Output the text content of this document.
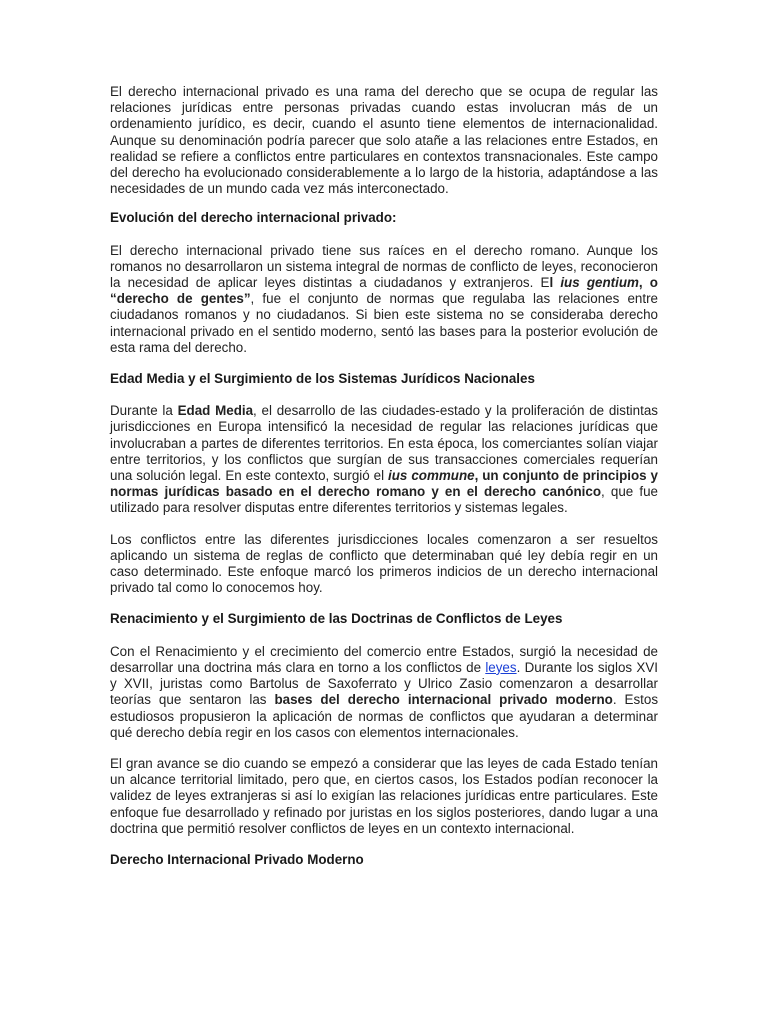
El derecho internacional privado es una rama del derecho que se ocupa de regular las relaciones jurídicas entre personas privadas cuando estas involucran más de un ordenamiento jurídico, es decir, cuando el asunto tiene elementos de internacionalidad. Aunque su denominación podría parecer que solo atañe a las relaciones entre Estados, en realidad se refiere a conflictos entre particulares en contextos transnacionales. Este campo del derecho ha evolucionado considerablemente a lo largo de la historia, adaptándose a las necesidades de un mundo cada vez más interconectado.

Evolución del derecho internacional privado:

El derecho internacional privado tiene sus raíces en el derecho romano. Aunque los romanos no desarrollaron un sistema integral de normas de conflicto de leyes, reconocieron la necesidad de aplicar leyes distintas a ciudadanos y extranjeros. El ius gentium, o “derecho de gentes”, fue el conjunto de normas que regulaba las relaciones entre ciudadanos romanos y no ciudadanos. Si bien este sistema no se consideraba derecho internacional privado en el sentido moderno, sentó las bases para la posterior evolución de esta rama del derecho.

Edad Media y el Surgimiento de los Sistemas Jurídicos Nacionales

Durante la Edad Media, el desarrollo de las ciudades-estado y la proliferación de distintas jurisdicciones en Europa intensificó la necesidad de regular las relaciones jurídicas que involucraban a partes de diferentes territorios. En esta época, los comerciantes solían viajar entre territorios, y los conflictos que surgían de sus transacciones comerciales requerían una solución legal. En este contexto, surgió el ius commune, un conjunto de principios y normas jurídicas basado en el derecho romano y en el derecho canónico, que fue utilizado para resolver disputas entre diferentes territorios y sistemas legales.

Los conflictos entre las diferentes jurisdicciones locales comenzaron a ser resueltos aplicando un sistema de reglas de conflicto que determinaban qué ley debía regir en un caso determinado. Este enfoque marcó los primeros indicios de un derecho internacional privado tal como lo conocemos hoy.

Renacimiento y el Surgimiento de las Doctrinas de Conflictos de Leyes

Con el Renacimiento y el crecimiento del comercio entre Estados, surgió la necesidad de desarrollar una doctrina más clara en torno a los conflictos de leyes. Durante los siglos XVI y XVII, juristas como Bartolus de Saxoferrato y Ulrico Zasio comenzaron a desarrollar teorías que sentaron las bases del derecho internacional privado moderno. Estos estudiosos propusieron la aplicación de normas de conflictos que ayudaran a determinar qué derecho debía regir en los casos con elementos internacionales.

El gran avance se dio cuando se empezó a considerar que las leyes de cada Estado tenían un alcance territorial limitado, pero que, en ciertos casos, los Estados podían reconocer la validez de leyes extranjeras si así lo exigían las relaciones jurídicas entre particulares. Este enfoque fue desarrollado y refinado por juristas en los siglos posteriores, dando lugar a una doctrina que permitió resolver conflictos de leyes en un contexto internacional.

Derecho Internacional Privado Moderno
